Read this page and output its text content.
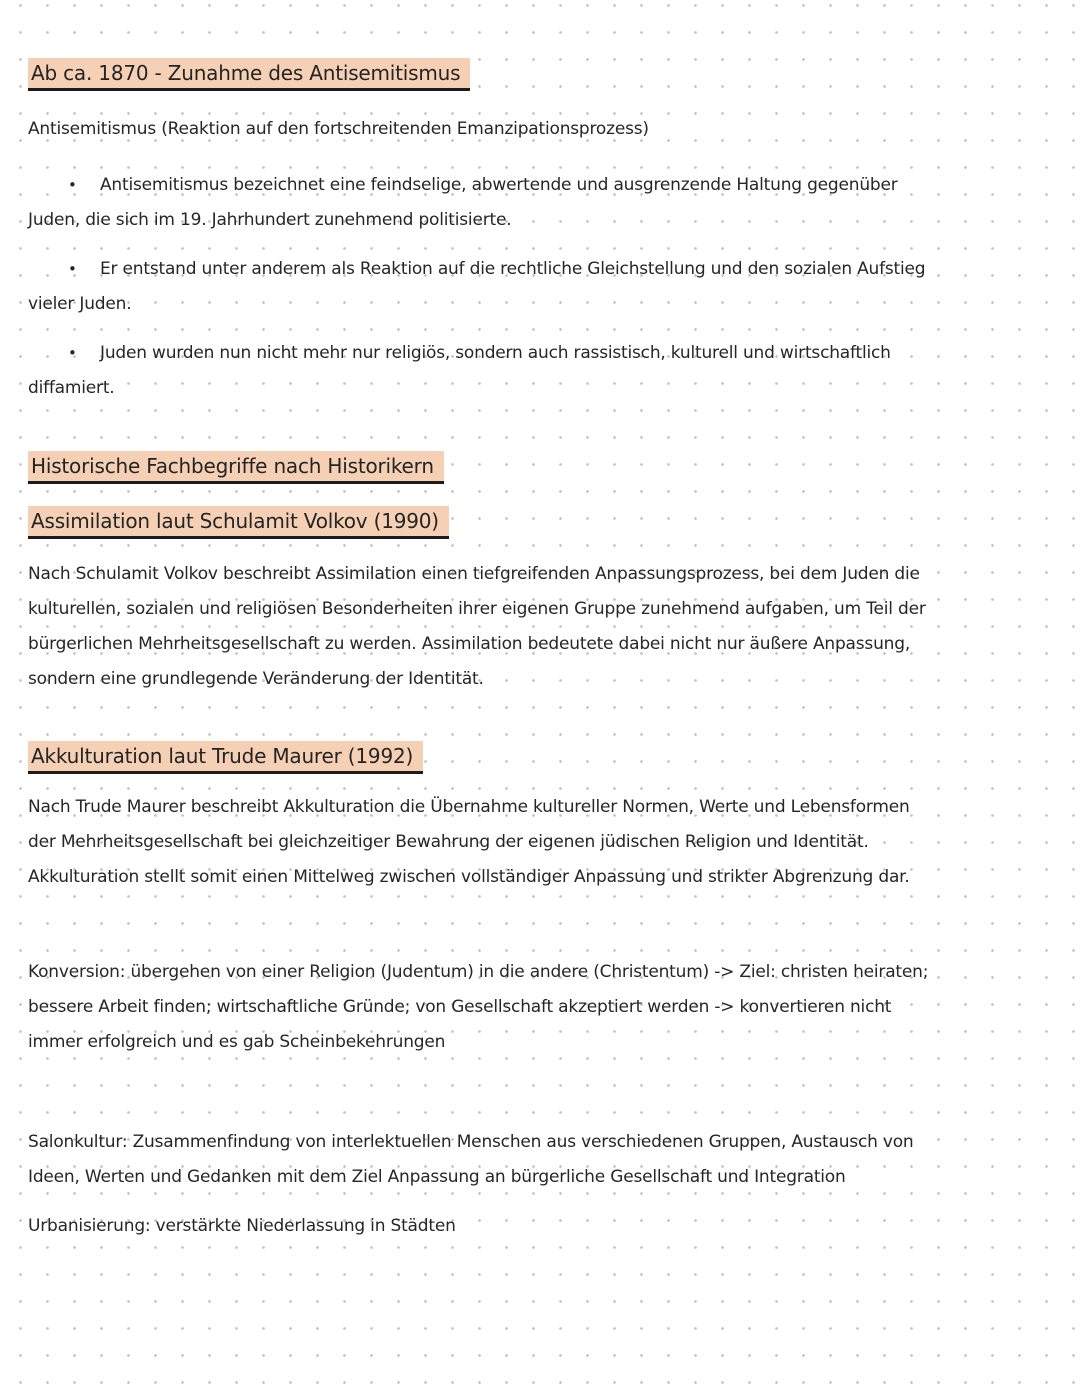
Ab ca. 1870 - Zunahme des Antisemitismus
Antisemitismus (Reaktion auf den fortschreitenden Emanzipationsprozess)
• Antisemitismus bezeichnet eine feindselige, abwertende und ausgrenzende Haltung gegenüber
Juden, die sich im 19. Jahrhundert zunehmend politisierte.
• Er entstand unter anderem als Reaktion auf die rechtliche Gleichstellung und den sozialen Aufstieg
vieler Juden.
• Juden wurden nun nicht mehr nur religiös, sondern auch rassistisch, kulturell und wirtschaftlich
diffamiert.
Historische Fachbegriffe nach Historikern
Assimilation laut Schulamit Volkov (1990)
Nach Schulamit Volkov beschreibt Assimilation einen tiefgreifenden Anpassungsprozess, bei dem Juden die
kulturellen, sozialen und religiösen Besonderheiten ihrer eigenen Gruppe zunehmend aufgaben, um Teil der
bürgerlichen Mehrheitsgesellschaft zu werden. Assimilation bedeutete dabei nicht nur äußere Anpassung,
sondern eine grundlegende Veränderung der Identität.
Akkulturation laut Trude Maurer (1992)
Nach Trude Maurer beschreibt Akkulturation die Übernahme kultureller Normen, Werte und Lebensformen
der Mehrheitsgesellschaft bei gleichzeitiger Bewahrung der eigenen jüdischen Religion und Identität.
Akkulturation stellt somit einen Mittelweg zwischen vollständiger Anpassung und strikter Abgrenzung dar.
Konversion: übergehen von einer Religion (Judentum) in die andere (Christentum) -> Ziel: christen heiraten;
bessere Arbeit finden; wirtschaftliche Gründe; von Gesellschaft akzeptiert werden -> konvertieren nicht
immer erfolgreich und es gab Scheinbekehrungen
Salonkultur: Zusammenfindung von interlektuellen Menschen aus verschiedenen Gruppen, Austausch von
Ideen, Werten und Gedanken mit dem Ziel Anpassung an bürgerliche Gesellschaft und Integration
Urbanisierung: verstärkte Niederlassung in Städten
